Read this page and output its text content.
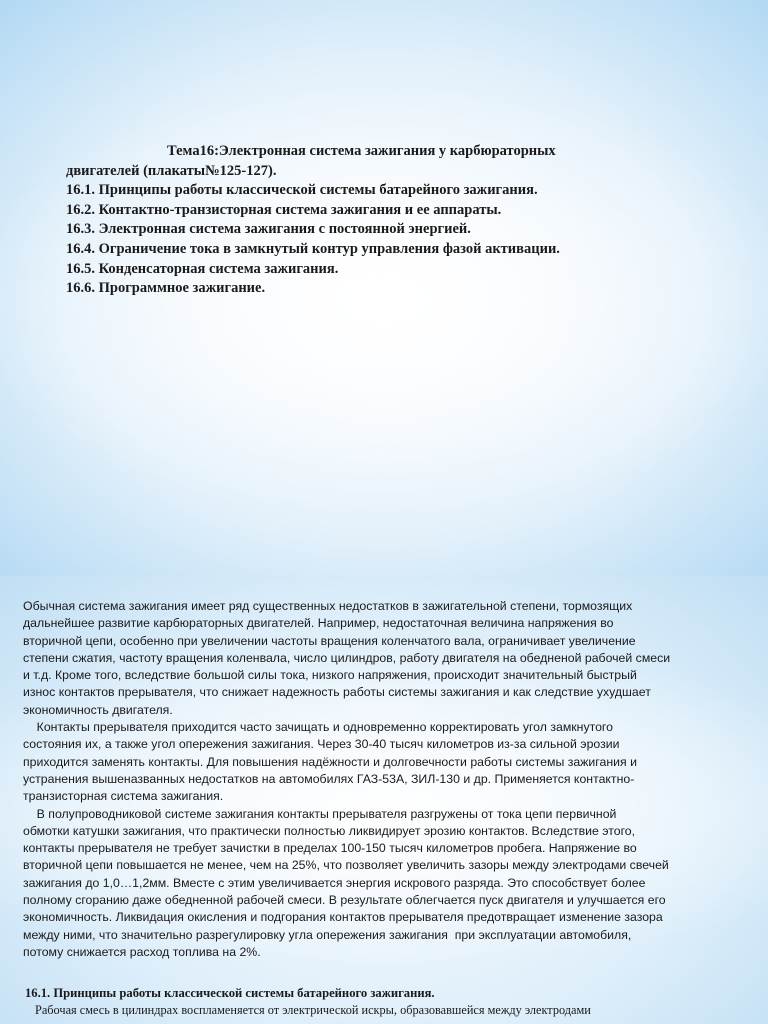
Тема16:Электронная система зажигания у карбюраторных
двигателей (плакаты№125-127).
16.1. Принципы работы классической системы батарейного зажигания.
16.2. Контактно-транзисторная система зажигания и ее аппараты.
16.3. Электронная система зажигания с постоянной энергией.
16.4. Ограничение тока в замкнутый контур управления фазой активации.
16.5. Конденсаторная система зажигания.
16.6. Программное зажигание.
Обычная система зажигания имеет ряд существенных недостатков в зажигательной степени, тормозящих
дальнейшее развитие карбюраторных двигателей. Например, недостаточная величина напряжения во
вторичной цепи, особенно при увеличении частоты вращения коленчатого вала, ограничивает увеличение
степени сжатия, частоту вращения коленвала, число цилиндров, работу двигателя на обедненой рабочей смеси
и т.д. Кроме того, вследствие большой силы тока, низкого напряжения, происходит значительный быстрый
износ контактов прерывателя, что снижает надежность работы системы зажигания и как следствие ухудшает
экономичность двигателя.
Контакты прерывателя приходится часто зачищать и одновременно корректировать угол замкнутого
состояния их, а также угол опережения зажигания. Через 30-40 тысяч километров из-за сильной эрозии
приходится заменять контакты. Для повышения надёжности и долговечности работы системы зажигания и
устранения вышеназванных недостатков на автомобилях ГАЗ-53А, ЗИЛ-130 и др. Применяется контактно-
транзисторная система зажигания.
В полупроводниковой системе зажигания контакты прерывателя разгружены от тока цепи первичной
обмотки катушки зажигания, что практически полностью ликвидирует эрозию контактов. Вследствие этого,
контакты прерывателя не требует зачистки в пределах 100-150 тысяч километров пробега. Напряжение во
вторичной цепи повышается не менее, чем на 25%, что позволяет увеличить зазоры между электродами свечей
зажигания до 1,0…1,2мм. Вместе с этим увеличивается энергия искрового разряда. Это способствует более
полному сгоранию даже обедненной рабочей смеси. В результате облегчается пуск двигателя и улучшается его
экономичность. Ликвидация окисления и подгорания контактов прерывателя предотвращает изменение зазора
между ними, что значительно разрегулировку угла опережения зажигания  при эксплуатации автомобиля,
потому снижается расход топлива на 2%.
16.1. Принципы работы классической системы батарейного зажигания.
Рабочая смесь в цилиндрах воспламеняется от электрической искры, образовавшейся между электродами
